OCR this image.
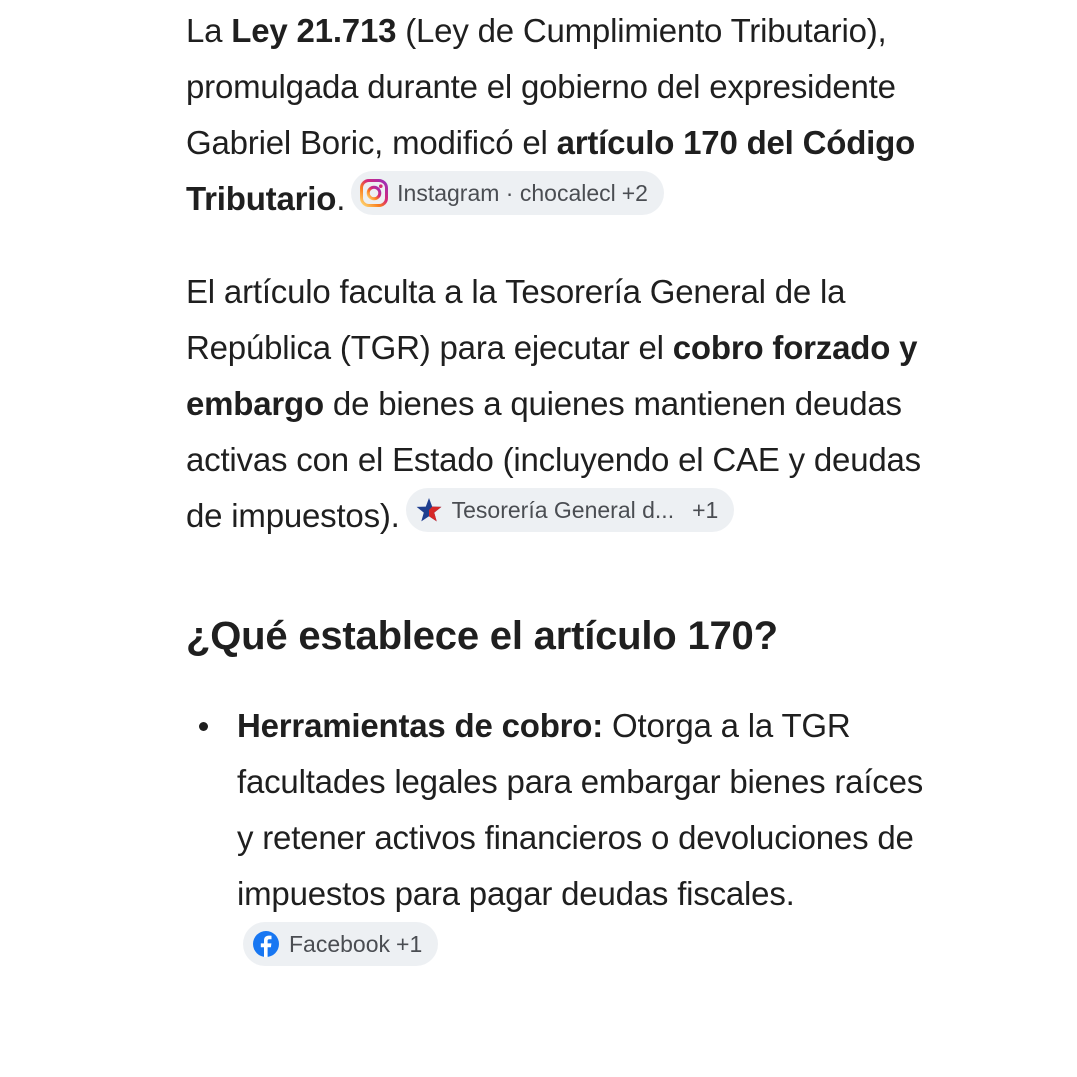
La Ley 21.713 (Ley de Cumplimiento Tributario), promulgada durante el gobierno del expresidente Gabriel Boric, modificó el artículo 170 del Código Tributario. Instagram · chocalecl +2

El artículo faculta a la Tesorería General de la República (TGR) para ejecutar el cobro forzado y embargo de bienes a quienes mantienen deudas activas con el Estado (incluyendo el CAE y deudas de impuestos). Tesorería General d... +1

¿Qué establece el artículo 170?
Herramientas de cobro: Otorga a la TGR facultades legales para embargar bienes raíces y retener activos financieros o devoluciones de impuestos para pagar deudas fiscales.
Facebook +1
